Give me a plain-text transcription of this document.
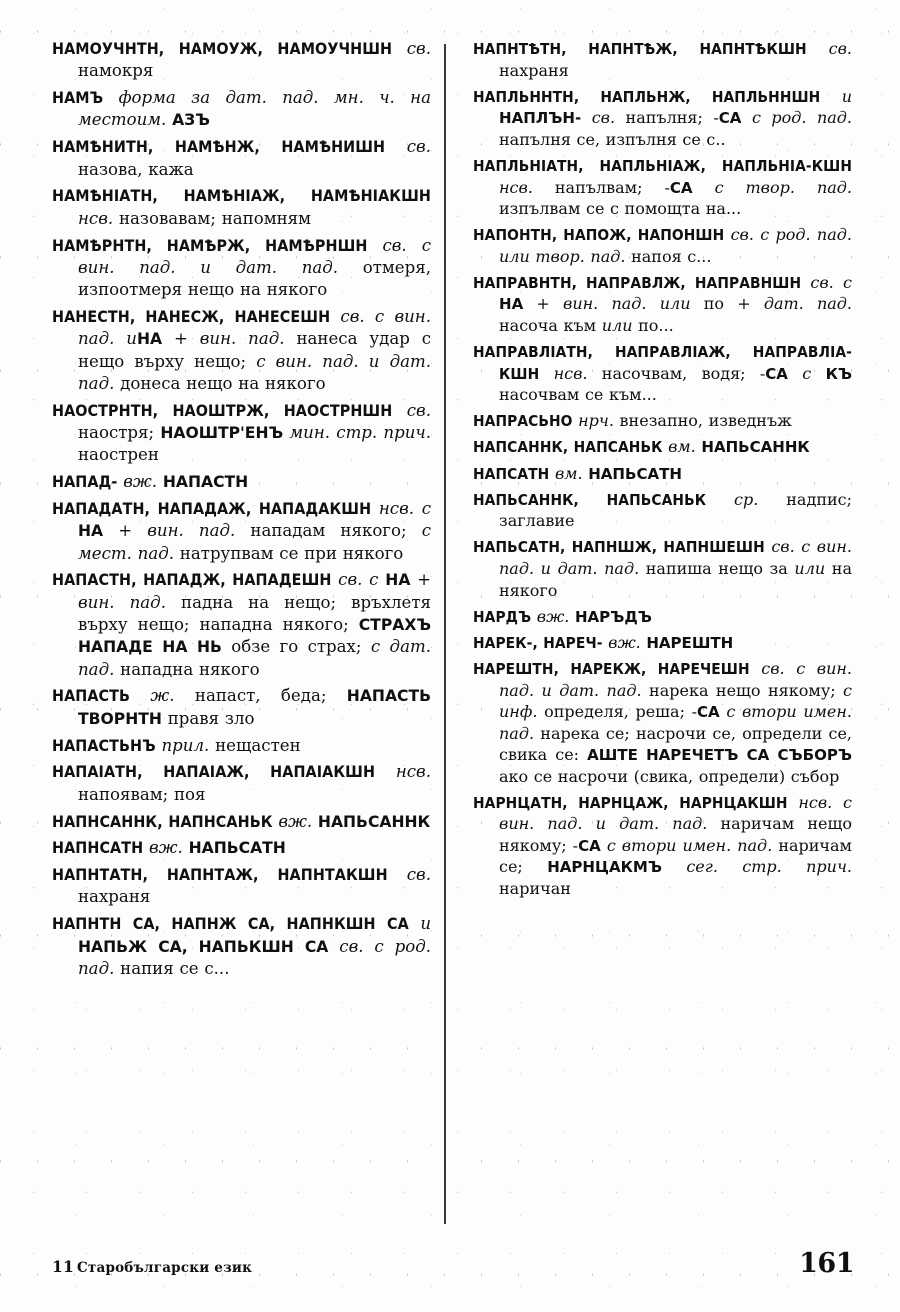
НАМОУЧНТН, НАМОУЖ, НАМОУЧНШН св. намокря

НАМЪ форма за дат. пад. мн. ч. на местоим. АЗЪ

НАМѢНИТН, НАМѢНЖ, НАМѢНИШН св. назова, кажа

НАМѢНІАТН, НАМѢНІАЖ, НАМѢНІАКШН нсв. назовавам; напомням

НАМѢРНТН, НАМѢРЖ, НАМѢРНШН св. с вин. пад. и дат. пад. отмеря, изпоотмеря нещо на някого

НАНЕСТН, НАНЕСЖ, НАНЕСЕШН св. с вин. пад. иНА + вин. пад. нанеса удар с нещо върху нещо; с вин. пад. и дат. пад. донеса нещо на някого

НАОСТРНТН, НАОШТРЖ, НАОСТРНШН св. наостря; НАОШТР'ЕНЪ мин. стр. прич. наострен

НАПАД- вж. НАПАСТН

НАПАДАТН, НАПАДАЖ, НАПАДАКШН нсв. с НА + вин. пад. нападам някого; с мест. пад. натрупвам се при някого

НАПАСТН, НАПАДЖ, НАПАДЕШН св. с НА + вин. пад. падна на нещо; връхлетя върху нещо; нападна някого; СТРАХЪ НАПАДЕ НА НЬ обзе го страх; с дат. пад. нападна някого

НАПАСТЬ ж. напаст, беда; НАПАСТЬ ТВОРНТН правя зло

НАПАСТЬНЪ прил. нещастен

НАПАІАТН, НАПАІАЖ, НАПАІАКШН нсв. напоявам; поя

НАПНСАННК, НАПНСАНЬК вж. НАПЬСАННК

НАПНСАТН вж. НАПЬСАТН

НАПНТАТН, НАПНТАЖ, НАПНТАКШН св. нахраня

НАПНТН СА, НАПНЖ СА, НАПНКШН СА и НАПЬЖ СА, НАПЬКШН СА св. с род. пад. напия се с...

НАПНТѢТН, НАПНТѢЖ, НАПНТѢКШН св. нахраня

НАПЛЬННТН, НАПЛЬНЖ, НАПЛЬННШН и НАПЛЪН- св. напълня; -СА с род. пад. напълня се, изпълня се с..

НАПЛЬНІАТН, НАПЛЬНІАЖ, НАПЛЬНІА-КШН нсв. напълвам; -СА с твор. пад. изпълвам се с помощта на...

НАПОНТН, НАПОЖ, НАПОНШН св. с род. пад. или твор. пад. напоя с...

НАПРАВНТН, НАПРАВЛЖ, НАПРАВНШН св. с НА + вин. пад. или по + дат. пад. насоча към или по...

НАПРАВЛІАТН, НАПРАВЛІАЖ, НАПРАВЛІА-КШН нсв. насочвам, водя; -СА с КЪ насочвам се към...

НАПРАСЬНО нрч. внезапно, изведнъж

НАПСАННК, НАПСАНЬК вм. НАПЬСАННК

НАПСАТН вм. НАПЬСАТН

НАПЬСАННК, НАПЬСАНЬК ср. надпис; заглавие

НАПЬСАТН, НАПНШЖ, НАПНШЕШН св. с вин. пад. и дат. пад. напиша нещо за или на някого

НАРДЪ вж. НАРЪДЪ

НАРЕК-, НАРЕЧ- вж. НАРЕШТН

НАРЕШТН, НАРЕКЖ, НАРЕЧЕШН св. с вин. пад. и дат. пад. нарека нещо някому; с инф. определя, реша; -СА с втори имен. пад. нарека се; насрочи се, определи се, свика се: АШТЕ НАРЕЧЕТЪ СА СЪБОРЪ ако се насрочи (свика, определи) събор

НАРНЦАТН, НАРНЦАЖ, НАРНЦАКШН нсв. с вин. пад. и дат. пад. наричам нещо някому; -СА с втори имен. пад. наричам се; НАРНЦАКМЪ сег. стр. прич. наричан

11 Старобългарски език	161
